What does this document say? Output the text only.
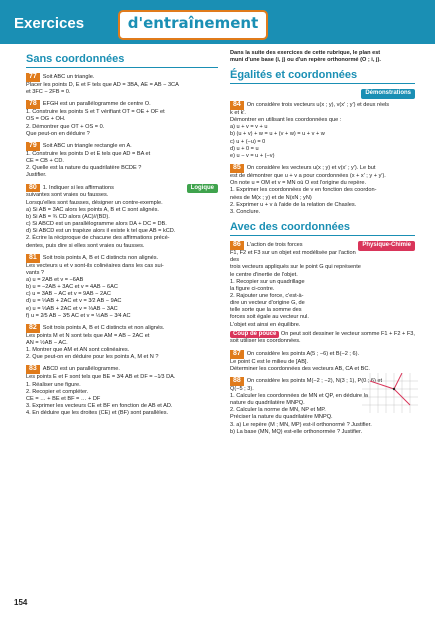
Exercices	d'entraînement
Sans coordonnées

77 Soit ABC un triangle.

Placer les points D, E et F tels que AD = 3BA, AE = AB − 3CA

et 3FC − 2FB = 0.

78 EFGH est un parallélogramme de centre O.

1. Construire les points S et T vérifiant OT = OE + OF et

OS = OG + OH.

2. Démontrer que OT + OS = 0.

Que peut-on en déduire ?

79 Soit ABC un triangle rectangle en A.

1. Construire les points D et E tels que AD = BA et

CE = CB + CD.

2. Quelle est la nature du quadrilatère BCDE ?

Justifier.

Logique
80 1. Indiquer si les affirmations

suivantes sont vraies ou fausses.

Lorsqu'elles sont fausses, désigner un contre-exemple.

a) Si AB = 3AC alors les points A, B et C sont alignés.

b) Si AB = ¾ CD alors (AC)//(BD).

c) Si ABCD est un parallélogramme alors DA + DC = DB.

d) Si ABCD est un trapèze alors il existe k tel que AB = kCD.

2. Écrire la réciproque de chacune des affirmations précé-

dentes, puis dire si elles sont vraies ou fausses.

81 Soit trois points A, B et C distincts non alignés.

Les vecteurs u et v sont-ils colinéaires dans les cas sui-

vants ?

a) u = 2AB et v = −6AB

b) u = −2AB + 3AC et v = 4AB − 6AC

c) u = 3AB − AC et v = 9AB − 2AC

d) u = ⅓AB + 2AC et v = 3⁄2 AB − 9AC

e) u = ⅓AB + 2AC et v = ⅓AB − 3AC

f) u = 2⁄5 AB − 3⁄5 AC et v = ½AB − 3⁄4 AC

82 Soit trois points A, B et C distincts et non alignés.

Les points M et N sont tels que AM = AB − 2AC et

AN = ½AB − AC.

1. Montrer que AM et AN sont colinéaires.

2. Que peut-on en déduire pour les points A, M et N ?

83 ABCD est un parallélogramme.

Les points E et F sont tels que BE = 3⁄4 AB et DF = −1⁄3 DA.

1. Réaliser une figure.

2. Recopier et compléter.

CE = … + BE et BF = … + DF

3. Exprimer les vecteurs CE et BF en fonction de AB et AD.

4. En déduire que les droites (CE) et (BF) sont parallèles.

Dans la suite des exercices de cette rubrique, le plan est

muni d'une base (i, j) ou d'un repère orthonormé (O ; i, j).

Égalités et coordonnées
Démonstrations

84 On considère trois vecteurs u(x ; y), v(x′ ; y′) et deux réels

k et k′.

Démontrer en utilisant les coordonnées que :

a) u + v = v + u

b) (u + v) + w = u + (v + w) = u + v + w

c) u + (−u) = 0

d) u + 0 = u

e) u − v = u + (−v)

85 On considère les vecteurs u(x ; y) et v(x′ ; y′). Le but

est de démontrer que u + v a pour coordonnées (x + x′ ; y + y′).

On note u = OM et v = MN où O est l'origine du repère.

1. Exprimer les coordonnées de v en fonction des coordon-

nées de M(x ; y) et de N(xN ; yN)

2. Exprimer u + v à l'aide de la relation de Chasles.

3. Conclure.

Avec des coordonnées

Physique-Chimie
86 L'action de trois forces

F1, F2 et F3 sur un objet est modélisée par l'action des

trois vecteurs appliqués sur le point G qui représente

le centre d'inertie de l'objet.

1. Recopier sur un quadrillage

la figure ci-contre.

2. Rajouter une force, c'est-à-

dire un vecteur d'origine G, de

telle sorte que la somme des

forces soit égale au vecteur nul.

L'objet est ainsi en équilibre.

Coup de pouce On peut soit dessiner le vecteur somme F1 + F2 + F3, soit utiliser les coordonnées.

87 On considère les points A(5 ; −6) et B(−2 ; 6).

Le point C est le milieu de [AB].

Déterminer les coordonnées des vecteurs AB, CA et BC.

88 On considère les points M(−2 ; −2), N(3 ; 1), P(0 ; 6) et

Q(−5 ; 3).

1. Calculer les coordonnées de MN et QP, en déduire la

nature du quadrilatère MNPQ.

2. Calculer la norme de MN, NP et MP.

Préciser la nature du quadrilatère MNPQ.

3. a) Le repère (M ; MN, MP) est-il orthonormé ? Justifier.

b) La base (MN, MQ) est-elle orthonormée ? Justifier.

154
